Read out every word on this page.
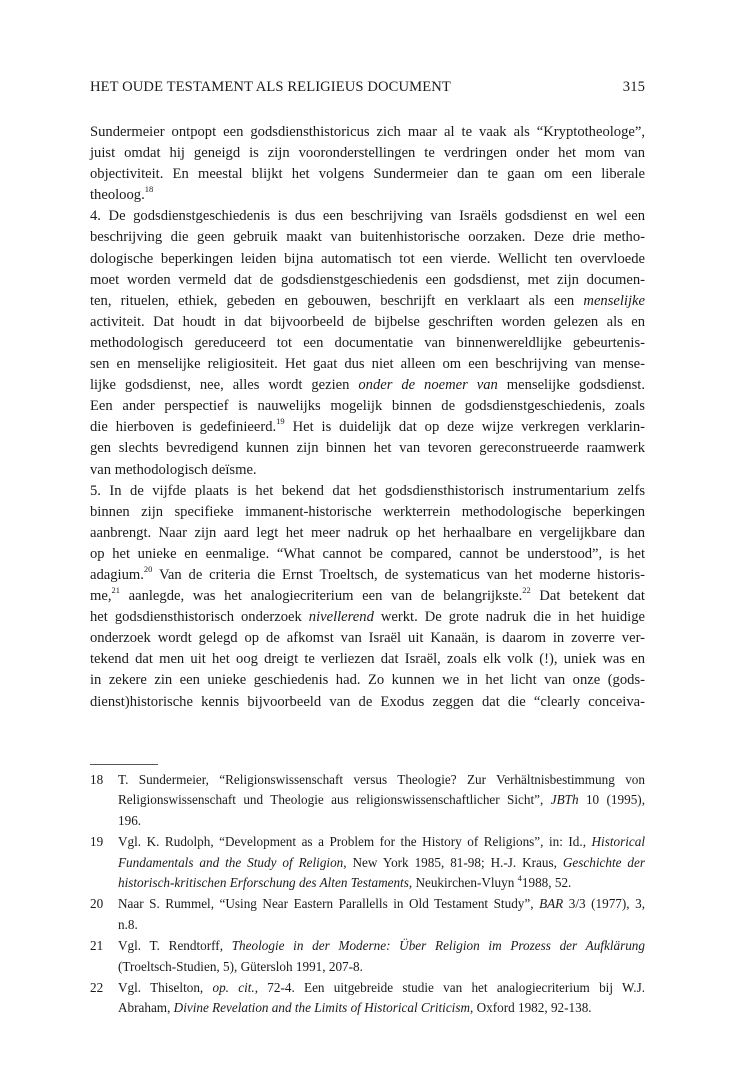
HET OUDE TESTAMENT ALS RELIGIEUS DOCUMENT	315
Sundermeier ontpopt een godsdiensthistoricus zich maar al te vaak als “Kryptotheologe”,
juist omdat hij geneigd is zijn vooronderstellingen te verdringen onder het mom van
objectiviteit. En meestal blijkt het volgens Sundermeier dan te gaan om een liberale
theoloog.$^{18}$
4. De godsdienstgeschiedenis is dus een beschrijving van Israëls godsdienst en wel een
beschrijving die geen gebruik maakt van buitenhistorische oorzaken. Deze drie metho-
dologische beperkingen leiden bijna automatisch tot een vierde. Wellicht ten overvloede
moet worden vermeld dat de godsdienstgeschiedenis een godsdienst, met zijn documen-
ten, rituelen, ethiek, gebeden en gebouwen, beschrijft en verklaart als een menselijke
activiteit. Dat houdt in dat bijvoorbeeld de bijbelse geschriften worden gelezen als en
methodologisch gereduceerd tot een documentatie van binnenwereldlijke gebeurtenis-
sen en menselijke religiositeit. Het gaat dus niet alleen om een beschrijving van mense-
lijke godsdienst, nee, alles wordt gezien onder de noemer van menselijke godsdienst.
Een ander perspectief is nauwelijks mogelijk binnen de godsdienstgeschiedenis, zoals
die hierboven is gedefinieerd.$^{19}$ Het is duidelijk dat op deze wijze verkregen verklarin-
gen slechts bevredigend kunnen zijn binnen het van tevoren gereconstrueerde raamwerk
van methodologisch deïsme.
5. In de vijfde plaats is het bekend dat het godsdiensthistorisch instrumentarium zelfs
binnen zijn specifieke immanent-historische werkterrein methodologische beperkingen
aanbrengt. Naar zijn aard legt het meer nadruk op het herhaalbare en vergelijkbare dan
op het unieke en eenmalige. “What cannot be compared, cannot be understood”, is het
adagium.$^{20}$ Van de criteria die Ernst Troeltsch, de systematicus van het moderne historis-
me,$^{21}$ aanlegde, was het analogiecriterium een van de belangrijkste.$^{22}$ Dat betekent dat
het godsdiensthistorisch onderzoek nivellerend werkt. De grote nadruk die in het huidige
onderzoek wordt gelegd op de afkomst van Israël uit Kanaän, is daarom in zoverre ver-
tekend dat men uit het oog dreigt te verliezen dat Israël, zoals elk volk (!), uniek was en
in zekere zin een unieke geschiedenis had. Zo kunnen we in het licht van onze (gods-
dienst)historische kennis bijvoorbeeld van de Exodus zeggen dat die “clearly conceiva-
18 T. Sundermeier, “Religionswissenschaft versus Theologie? Zur Verhältnisbestimmung von
Religionswissenschaft und Theologie aus religionswissenschaftlicher Sicht”, JBTh 10 (1995),
196.
19 Vgl. K. Rudolph, “Development as a Problem for the History of Religions”, in: Id., Historical
Fundamentals and the Study of Religion, New York 1985, 81-98; H.-J. Kraus, Geschichte der
historisch-kritischen Erforschung des Alten Testaments, Neukirchen-Vluyn $^4$1988, 52.
20 Naar S. Rummel, “Using Near Eastern Parallells in Old Testament Study”, BAR 3/3 (1977), 3,
n.8.
21 Vgl. T. Rendtorff, Theologie in der Moderne: Über Religion im Prozess der Aufklärung
(Troeltsch-Studien, 5), Gütersloh 1991, 207-8.
22 Vgl. Thiselton, op. cit., 72-4. Een uitgebreide studie van het analogiecriterium bij W.J.
Abraham, Divine Revelation and the Limits of Historical Criticism, Oxford 1982, 92-138.
